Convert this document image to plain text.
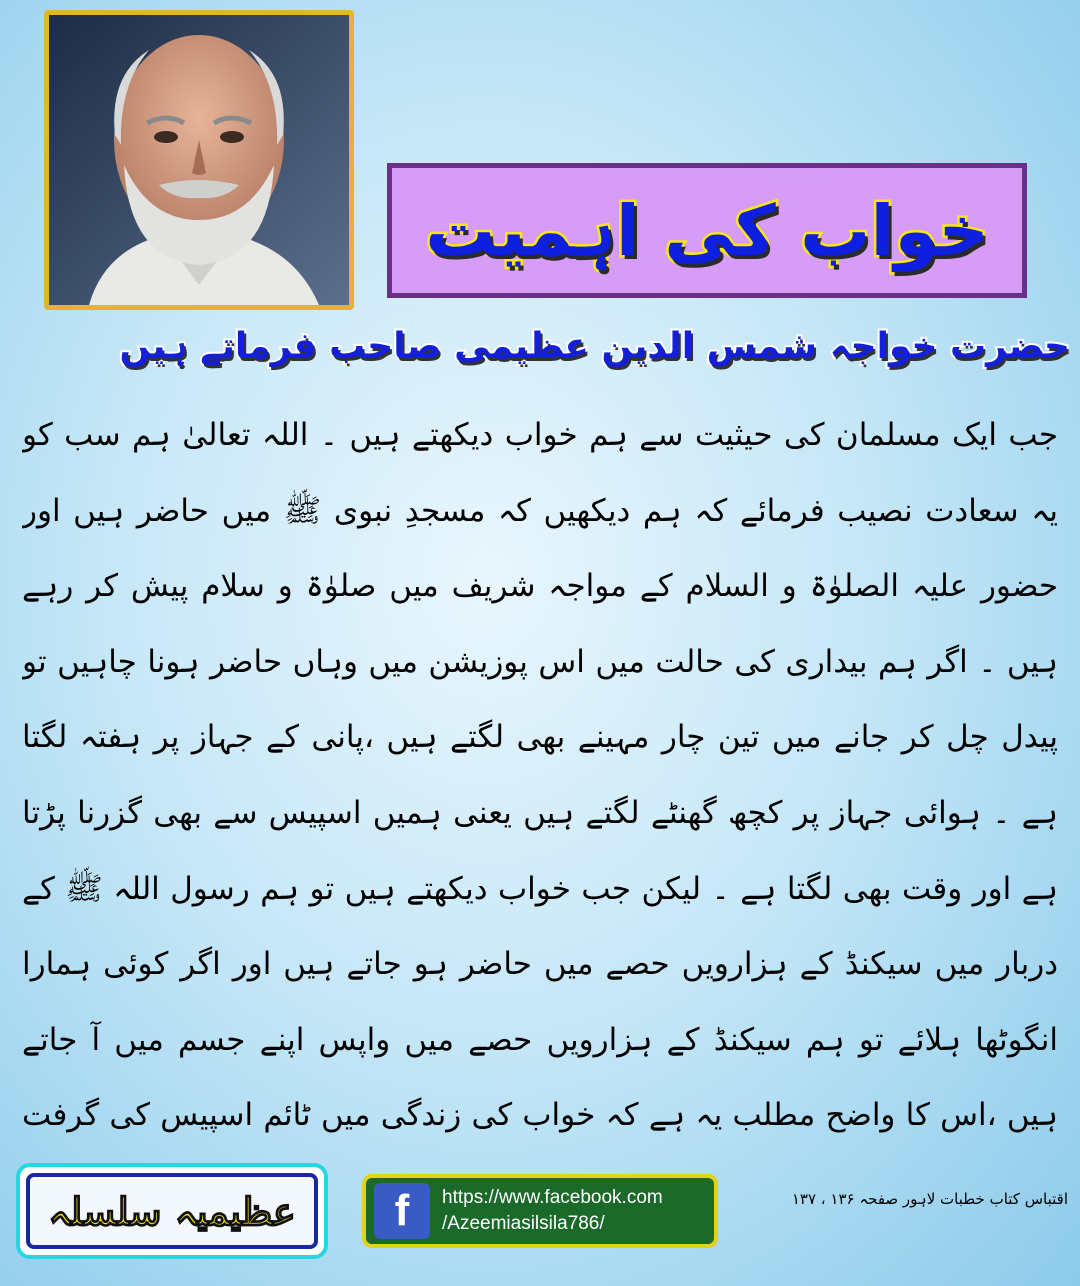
خواب کی اہمیت
حضرت خواجہ شمس الدین عظیمی صاحب فرماتے ہیں
جب ایک مسلمان کی حیثیت سے ہم خواب دیکھتے ہیں ۔ اللہ تعالیٰ ہم سب کو یہ سعادت نصیب فرمائے کہ ہم دیکھیں کہ مسجدِ نبوی ﷺ میں حاضر ہیں اور حضور علیہ الصلوٰۃ و السلام کے مواجہ شریف میں صلوٰۃ و سلام پیش کر رہے ہیں ۔ اگر ہم بیداری کی حالت میں اس پوزیشن میں وہاں حاضر ہونا چاہیں تو پیدل چل کر جانے میں تین چار مہینے بھی لگتے ہیں ،پانی کے جہاز پر ہفتہ لگتا ہے ۔ ہوائی جہاز پر کچھ گھنٹے لگتے ہیں یعنی ہمیں اسپیس سے بھی گزرنا پڑتا ہے اور وقت بھی لگتا ہے ۔ لیکن جب خواب دیکھتے ہیں تو ہم رسول اللہ ﷺ کے دربار میں سیکنڈ کے ہزارویں حصے میں حاضر ہو جاتے ہیں اور اگر کوئی ہمارا انگوٹھا ہلائے تو ہم سیکنڈ کے ہزارویں حصے میں واپس اپنے جسم میں آ جاتے ہیں ،اس کا واضح مطلب یہ ہے کہ خواب کی زندگی میں ٹائم اسپیس کی گرفت
عظیمیہ سلسلہ	f	https://www.facebook.com
/Azeemiasilsila786/
اقتباس کتاب خطبات لاہور صفحہ ۱۳۶ ، ۱۳۷
